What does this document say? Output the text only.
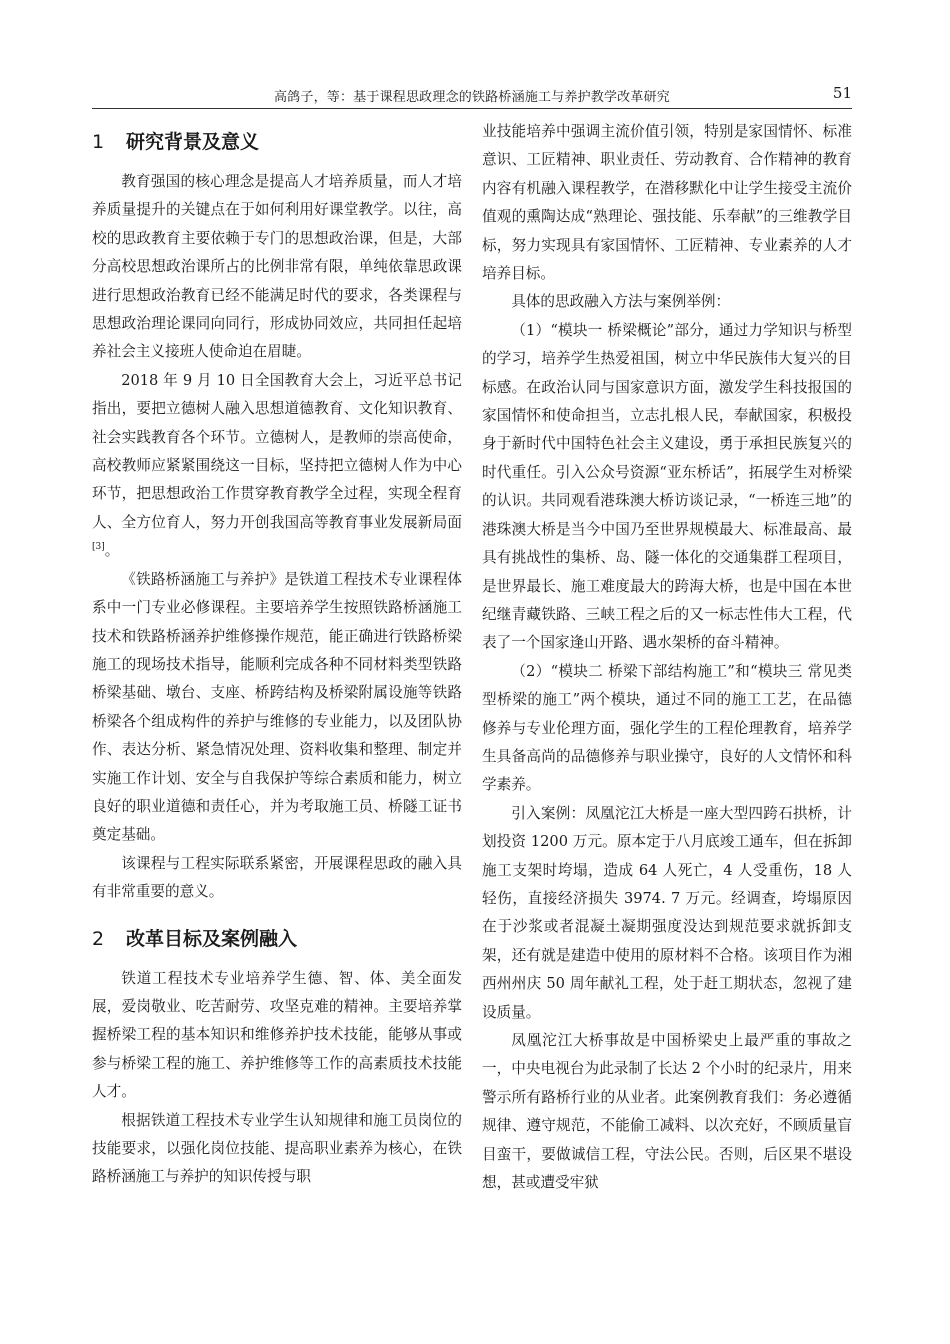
高鸽子，等：基于课程思政理念的铁路桥涵施工与养护教学改革研究	51
1 研究背景及意义

教育强国的核心理念是提高人才培养质量，而人才培养质量提升的关键点在于如何利用好课堂教学。以往，高校的思政教育主要依赖于专门的思想政治课，但是，大部分高校思想政治课所占的比例非常有限，单纯依靠思政课进行思想政治教育已经不能满足时代的要求，各类课程与思想政治理论课同向同行，形成协同效应，共同担任起培养社会主义接班人使命迫在眉睫。

2018 年 9 月 10 日全国教育大会上，习近平总书记指出，要把立德树人融入思想道德教育、文化知识教育、社会实践教育各个环节。立德树人，是教师的崇高使命，高校教师应紧紧围绕这一目标，坚持把立德树人作为中心环节，把思想政治工作贯穿教育教学全过程，实现全程育人、全方位育人，努力开创我国高等教育事业发展新局面[3]。

《铁路桥涵施工与养护》是铁道工程技术专业课程体系中一门专业必修课程。主要培养学生按照铁路桥涵施工技术和铁路桥涵养护维修操作规范，能正确进行铁路桥梁施工的现场技术指导，能顺利完成各种不同材料类型铁路桥梁基础、墩台、支座、桥跨结构及桥梁附属设施等铁路桥梁各个组成构件的养护与维修的专业能力，以及团队协作、表达分析、紧急情况处理、资料收集和整理、制定并实施工作计划、安全与自我保护等综合素质和能力，树立良好的职业道德和责任心，并为考取施工员、桥隧工证书奠定基础。

该课程与工程实际联系紧密，开展课程思政的融入具有非常重要的意义。

2 改革目标及案例融入

铁道工程技术专业培养学生德、智、体、美全面发展，爱岗敬业、吃苦耐劳、攻坚克难的精神。主要培养掌握桥梁工程的基本知识和维修养护技术技能，能够从事或参与桥梁工程的施工、养护维修等工作的高素质技术技能人才。

根据铁道工程技术专业学生认知规律和施工员岗位的技能要求，以强化岗位技能、提高职业素养为核心，在铁路桥涵施工与养护的知识传授与职

业技能培养中强调主流价值引领，特别是家国情怀、标准意识、工匠精神、职业责任、劳动教育、合作精神的教育内容有机融入课程教学，在潜移默化中让学生接受主流价值观的熏陶达成“熟理论、强技能、乐奉献”的三维教学目标，努力实现具有家国情怀、工匠精神、专业素养的人才培养目标。

具体的思政融入方法与案例举例：

（1）“模块一 桥梁概论”部分，通过力学知识与桥型的学习，培养学生热爱祖国，树立中华民族伟大复兴的目标感。在政治认同与国家意识方面，激发学生科技报国的家国情怀和使命担当，立志扎根人民，奉献国家，积极投身于新时代中国特色社会主义建设，勇于承担民族复兴的时代重任。引入公众号资源“亚东桥话”，拓展学生对桥梁的认识。共同观看港珠澳大桥访谈记录，“一桥连三地”的港珠澳大桥是当今中国乃至世界规模最大、标准最高、最具有挑战性的集桥、岛、隧一体化的交通集群工程项目，是世界最长、施工难度最大的跨海大桥，也是中国在本世纪继青藏铁路、三峡工程之后的又一标志性伟大工程，代表了一个国家逢山开路、遇水架桥的奋斗精神。

（2）“模块二 桥梁下部结构施工”和“模块三 常见类型桥梁的施工”两个模块，通过不同的施工工艺，在品德修养与专业伦理方面，强化学生的工程伦理教育，培养学生具备高尚的品德修养与职业操守，良好的人文情怀和科学素养。

引入案例：凤凰沱江大桥是一座大型四跨石拱桥，计划投资 1200 万元。原本定于八月底竣工通车，但在拆卸施工支架时垮塌，造成 64 人死亡，4 人受重伤，18 人轻伤，直接经济损失 3974. 7 万元。经调查，垮塌原因在于沙浆或者混凝土凝期强度没达到规范要求就拆卸支架，还有就是建造中使用的原材料不合格。该项目作为湘西州州庆 50 周年献礼工程，处于赶工期状态，忽视了建设质量。

凤凰沱江大桥事故是中国桥梁史上最严重的事故之一，中央电视台为此录制了长达 2 个小时的纪录片，用来警示所有路桥行业的从业者。此案例教育我们：务必遵循规律、遵守规范，不能偷工减料、以次充好，不顾质量盲目蛮干，要做诚信工程，守法公民。否则，后区果不堪设想，甚或遭受牢狱
